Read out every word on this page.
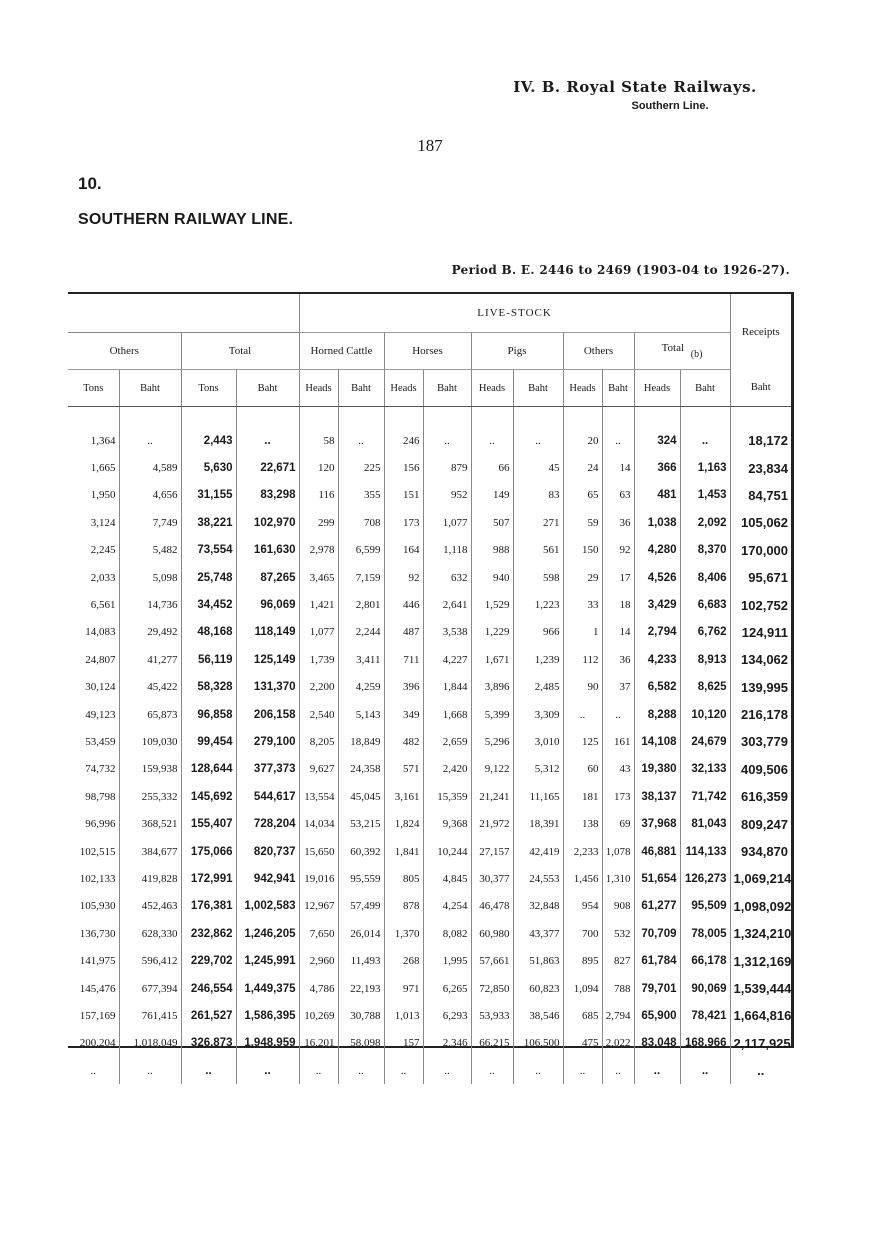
IV. B. Royal State Railways.
Southern Line.
187
10.
SOUTHERN RAILWAY LINE.
Period B. E. 2446 to 2469 (1903-04 to 1926-27).
				LIVE-STOCK										Receipts
Others		Total		Horned Cattle		Horses		Pigs		Others		Total (b)		
Tons	Baht	Tons	Baht	Heads	Baht	Heads	Baht	Heads	Baht	Heads	Baht	Heads	Baht	Baht
1,364	..	2,443	..	58	..	246	..	..	..	20	..	324	..	18,172
1,665	4,589	5,630	22,671	120	225	156	879	66	45	24	14	366	1,163	23,834
1,950	4,656	31,155	83,298	116	355	151	952	149	83	65	63	481	1,453	84,751
3,124	7,749	38,221	102,970	299	708	173	1,077	507	271	59	36	1,038	2,092	105,062
2,245	5,482	73,554	161,630	2,978	6,599	164	1,118	988	561	150	92	4,280	8,370	170,000
2,033	5,098	25,748	87,265	3,465	7,159	92	632	940	598	29	17	4,526	8,406	95,671
6,561	14,736	34,452	96,069	1,421	2,801	446	2,641	1,529	1,223	33	18	3,429	6,683	102,752
14,083	29,492	48,168	118,149	1,077	2,244	487	3,538	1,229	966	1	14	2,794	6,762	124,911
24,807	41,277	56,119	125,149	1,739	3,411	711	4,227	1,671	1,239	112	36	4,233	8,913	134,062
30,124	45,422	58,328	131,370	2,200	4,259	396	1,844	3,896	2,485	90	37	6,582	8,625	139,995
49,123	65,873	96,858	206,158	2,540	5,143	349	1,668	5,399	3,309	..	..	8,288	10,120	216,178
53,459	109,030	99,454	279,100	8,205	18,849	482	2,659	5,296	3,010	125	161	14,108	24,679	303,779
74,732	159,938	128,644	377,373	9,627	24,358	571	2,420	9,122	5,312	60	43	19,380	32,133	409,506
98,798	255,332	145,692	544,617	13,554	45,045	3,161	15,359	21,241	11,165	181	173	38,137	71,742	616,359
96,996	368,521	155,407	728,204	14,034	53,215	1,824	9,368	21,972	18,391	138	69	37,968	81,043	809,247
102,515	384,677	175,066	820,737	15,650	60,392	1,841	10,244	27,157	42,419	2,233	1,078	46,881	114,133	934,870
102,133	419,828	172,991	942,941	19,016	95,559	805	4,845	30,377	24,553	1,456	1,310	51,654	126,273	1,069,214
105,930	452,463	176,381	1,002,583	12,967	57,499	878	4,254	46,478	32,848	954	908	61,277	95,509	1,098,092
136,730	628,330	232,862	1,246,205	7,650	26,014	1,370	8,082	60,980	43,377	700	532	70,709	78,005	1,324,210
141,975	596,412	229,702	1,245,991	2,960	11,493	268	1,995	57,661	51,863	895	827	61,784	66,178	1,312,169
145,476	677,394	246,554	1,449,375	4,786	22,193	971	6,265	72,850	60,823	1,094	788	79,701	90,069	1,539,444
157,169	761,415	261,527	1,586,395	10,269	30,788	1,013	6,293	53,933	38,546	685	2,794	65,900	78,421	1,664,816
200,204	1,018,049	326,873	1,948,959	16,201	58,098	157	2,346	66,215	106,500	475	2,022	83,048	168,966	2,117,925
..	..	..	..	..	..	..	..	..	..	..	..	..	..	..
